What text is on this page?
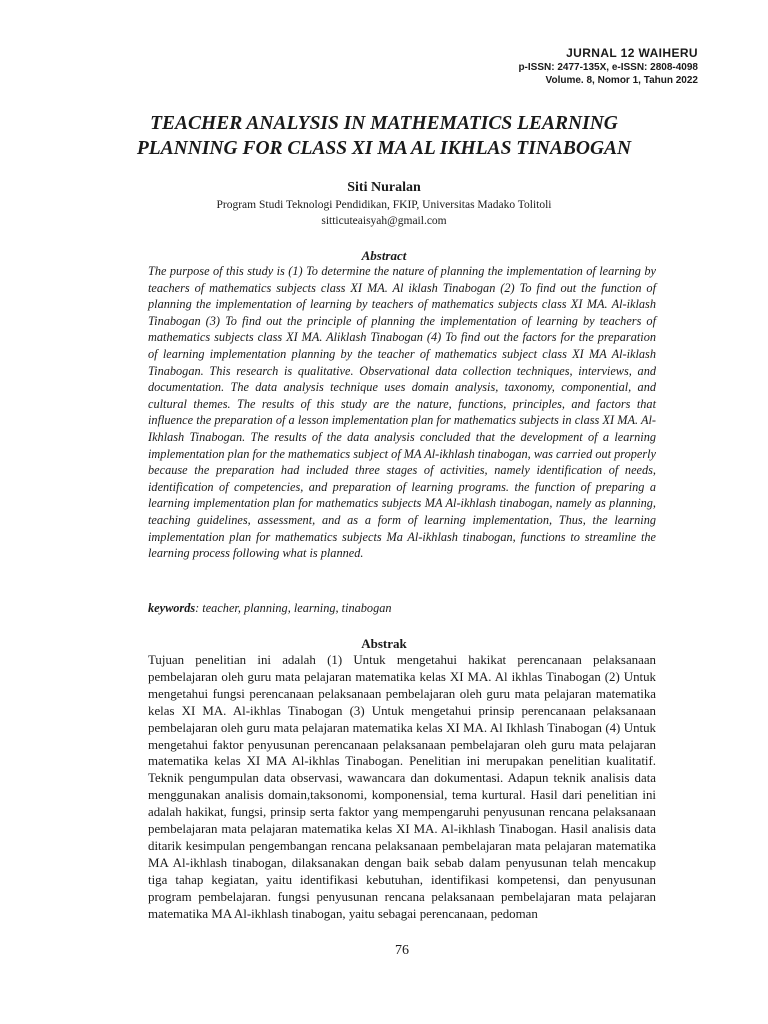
JURNAL 12 WAIHERU
p-ISSN: 2477-135X, e-ISSN: 2808-4098
Volume. 8, Nomor 1, Tahun 2022
TEACHER ANALYSIS IN MATHEMATICS LEARNING
PLANNING FOR CLASS XI MA AL IKHLAS TINABOGAN
Siti Nuralan
Program Studi Teknologi Pendidikan, FKIP, Universitas Madako Tolitoli
sitticuteaisyah@gmail.com
Abstract

The purpose of this study is (1) To determine the nature of planning the implementation of learning by teachers of mathematics subjects class XI MA. Al iklash Tinabogan (2) To find out the function of planning the implementation of learning by teachers of mathematics subjects class XI MA. Al-iklash Tinabogan (3) To find out the principle of planning the implementation of learning by teachers of mathematics subjects class XI MA. Aliklash Tinabogan (4) To find out the factors for the preparation of learning implementation planning by the teacher of mathematics subject class XI MA Al-iklash Tinabogan. This research is qualitative. Observational data collection techniques, interviews, and documentation. The data analysis technique uses domain analysis, taxonomy, componential, and cultural themes. The results of this study are the nature, functions, principles, and factors that influence the preparation of a lesson implementation plan for mathematics subjects in class XI MA. Al-Ikhlash Tinabogan. The results of the data analysis concluded that the development of a learning implementation plan for the mathematics subject of MA Al-ikhlash tinabogan, was carried out properly because the preparation had included three stages of activities, namely identification of needs, identification of competencies, and preparation of learning programs. the function of preparing a learning implementation plan for mathematics subjects MA Al-ikhlash tinabogan, namely as planning, teaching guidelines, assessment, and as a form of learning implementation, Thus, the learning implementation plan for mathematics subjects Ma Al-ikhlash tinabogan, functions to streamline the learning process following what is planned.

keywords: teacher, planning, learning, tinabogan
Abstrak

Tujuan penelitian ini adalah (1) Untuk mengetahui hakikat perencanaan pelaksanaan pembelajaran oleh guru mata pelajaran matematika kelas XI MA. Al ikhlas Tinabogan (2) Untuk mengetahui fungsi perencanaan pelaksanaan pembelajaran oleh guru mata pelajaran matematika kelas XI MA. Al-ikhlas Tinabogan (3) Untuk mengetahui prinsip perencanaan pelaksanaan pembelajaran oleh guru mata pelajaran matematika kelas XI MA. Al Ikhlash Tinabogan (4) Untuk mengetahui faktor penyusunan perencanaan pelaksanaan pembelajaran oleh guru mata pelajaran matematika kelas XI MA Al-ikhlas Tinabogan. Penelitian ini merupakan penelitian kualitatif. Teknik pengumpulan data observasi, wawancara dan dokumentasi. Adapun teknik analisis data menggunakan analisis domain,taksonomi, komponensial, tema kurtural. Hasil dari penelitian ini adalah hakikat, fungsi, prinsip serta faktor yang mempengaruhi penyusunan rencana pelaksanaan pembelajaran mata pelajaran matematika kelas XI MA. Al-ikhlash Tinabogan. Hasil analisis data ditarik kesimpulan pengembangan rencana pelaksanaan pembelajaran mata pelajaran matematika MA Al-ikhlash tinabogan, dilaksanakan dengan baik sebab dalam penyusunan telah mencakup tiga tahap kegiatan, yaitu identifikasi kebutuhan, identifikasi kompetensi, dan penyusunan program pembelajaran. fungsi penyusunan rencana pelaksanaan pembelajaran mata pelajaran matematika MA Al-ikhlash tinabogan, yaitu sebagai perencanaan, pedoman

76
